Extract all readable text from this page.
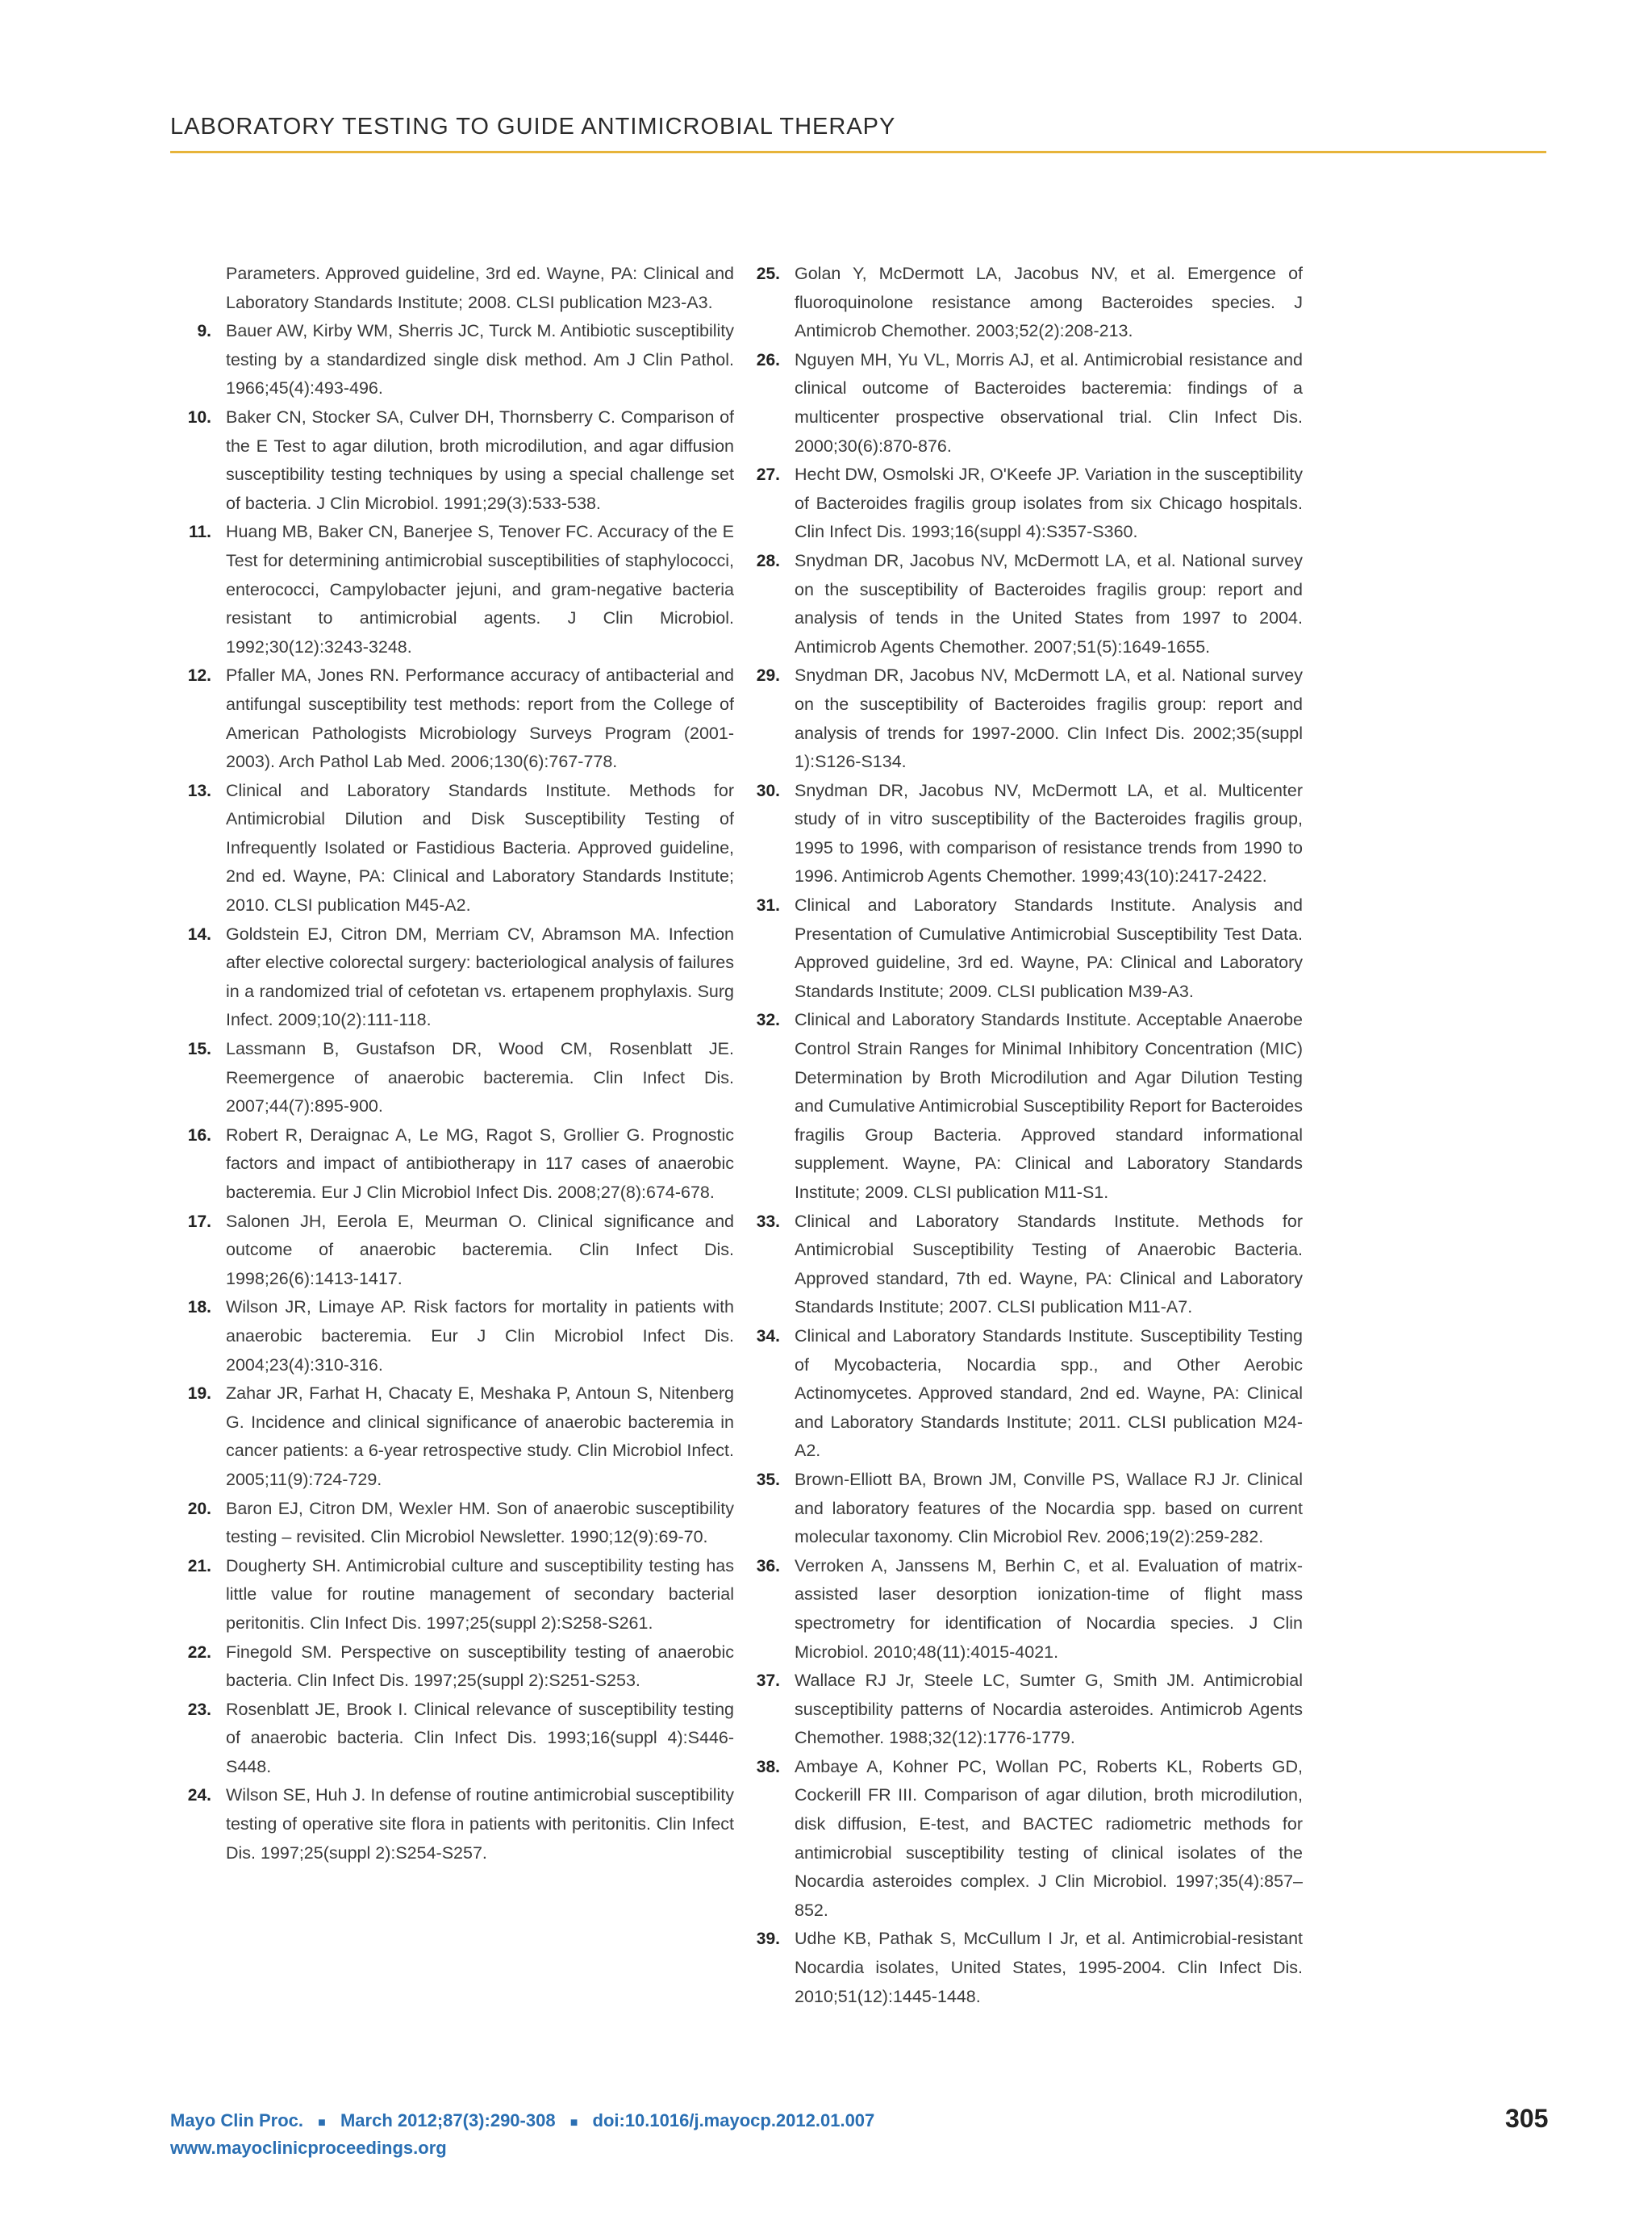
LABORATORY TESTING TO GUIDE ANTIMICROBIAL THERAPY
Parameters. Approved guideline, 3rd ed. Wayne, PA: Clinical and Laboratory Standards Institute; 2008. CLSI publication M23-A3.
9. Bauer AW, Kirby WM, Sherris JC, Turck M. Antibiotic susceptibility testing by a standardized single disk method. Am J Clin Pathol. 1966;45(4):493-496.
10. Baker CN, Stocker SA, Culver DH, Thornsberry C. Comparison of the E Test to agar dilution, broth microdilution, and agar diffusion susceptibility testing techniques by using a special challenge set of bacteria. J Clin Microbiol. 1991;29(3):533-538.
11. Huang MB, Baker CN, Banerjee S, Tenover FC. Accuracy of the E Test for determining antimicrobial susceptibilities of staphylococci, enterococci, Campylobacter jejuni, and gram-negative bacteria resistant to antimicrobial agents. J Clin Microbiol. 1992;30(12):3243-3248.
12. Pfaller MA, Jones RN. Performance accuracy of antibacterial and antifungal susceptibility test methods: report from the College of American Pathologists Microbiology Surveys Program (2001-2003). Arch Pathol Lab Med. 2006;130(6):767-778.
13. Clinical and Laboratory Standards Institute. Methods for Antimicrobial Dilution and Disk Susceptibility Testing of Infrequently Isolated or Fastidious Bacteria. Approved guideline, 2nd ed. Wayne, PA: Clinical and Laboratory Standards Institute; 2010. CLSI publication M45-A2.
14. Goldstein EJ, Citron DM, Merriam CV, Abramson MA. Infection after elective colorectal surgery: bacteriological analysis of failures in a randomized trial of cefotetan vs. ertapenem prophylaxis. Surg Infect. 2009;10(2):111-118.
15. Lassmann B, Gustafson DR, Wood CM, Rosenblatt JE. Reemergence of anaerobic bacteremia. Clin Infect Dis. 2007;44(7):895-900.
16. Robert R, Deraignac A, Le MG, Ragot S, Grollier G. Prognostic factors and impact of antibiotherapy in 117 cases of anaerobic bacteremia. Eur J Clin Microbiol Infect Dis. 2008;27(8):674-678.
17. Salonen JH, Eerola E, Meurman O. Clinical significance and outcome of anaerobic bacteremia. Clin Infect Dis. 1998;26(6):1413-1417.
18. Wilson JR, Limaye AP. Risk factors for mortality in patients with anaerobic bacteremia. Eur J Clin Microbiol Infect Dis. 2004;23(4):310-316.
19. Zahar JR, Farhat H, Chacaty E, Meshaka P, Antoun S, Nitenberg G. Incidence and clinical significance of anaerobic bacteremia in cancer patients: a 6-year retrospective study. Clin Microbiol Infect. 2005;11(9):724-729.
20. Baron EJ, Citron DM, Wexler HM. Son of anaerobic susceptibility testing – revisited. Clin Microbiol Newsletter. 1990;12(9):69-70.
21. Dougherty SH. Antimicrobial culture and susceptibility testing has little value for routine management of secondary bacterial peritonitis. Clin Infect Dis. 1997;25(suppl 2):S258-S261.
22. Finegold SM. Perspective on susceptibility testing of anaerobic bacteria. Clin Infect Dis. 1997;25(suppl 2):S251-S253.
23. Rosenblatt JE, Brook I. Clinical relevance of susceptibility testing of anaerobic bacteria. Clin Infect Dis. 1993;16(suppl 4):S446-S448.
24. Wilson SE, Huh J. In defense of routine antimicrobial susceptibility testing of operative site flora in patients with peritonitis. Clin Infect Dis. 1997;25(suppl 2):S254-S257.
25. Golan Y, McDermott LA, Jacobus NV, et al. Emergence of fluoroquinolone resistance among Bacteroides species. J Antimicrob Chemother. 2003;52(2):208-213.
26. Nguyen MH, Yu VL, Morris AJ, et al. Antimicrobial resistance and clinical outcome of Bacteroides bacteremia: findings of a multicenter prospective observational trial. Clin Infect Dis. 2000;30(6):870-876.
27. Hecht DW, Osmolski JR, O'Keefe JP. Variation in the susceptibility of Bacteroides fragilis group isolates from six Chicago hospitals. Clin Infect Dis. 1993;16(suppl 4):S357-S360.
28. Snydman DR, Jacobus NV, McDermott LA, et al. National survey on the susceptibility of Bacteroides fragilis group: report and analysis of tends in the United States from 1997 to 2004. Antimicrob Agents Chemother. 2007;51(5):1649-1655.
29. Snydman DR, Jacobus NV, McDermott LA, et al. National survey on the susceptibility of Bacteroides fragilis group: report and analysis of trends for 1997-2000. Clin Infect Dis. 2002;35(suppl 1):S126-S134.
30. Snydman DR, Jacobus NV, McDermott LA, et al. Multicenter study of in vitro susceptibility of the Bacteroides fragilis group, 1995 to 1996, with comparison of resistance trends from 1990 to 1996. Antimicrob Agents Chemother. 1999;43(10):2417-2422.
31. Clinical and Laboratory Standards Institute. Analysis and Presentation of Cumulative Antimicrobial Susceptibility Test Data. Approved guideline, 3rd ed. Wayne, PA: Clinical and Laboratory Standards Institute; 2009. CLSI publication M39-A3.
32. Clinical and Laboratory Standards Institute. Acceptable Anaerobe Control Strain Ranges for Minimal Inhibitory Concentration (MIC) Determination by Broth Microdilution and Agar Dilution Testing and Cumulative Antimicrobial Susceptibility Report for Bacteroides fragilis Group Bacteria. Approved standard informational supplement. Wayne, PA: Clinical and Laboratory Standards Institute; 2009. CLSI publication M11-S1.
33. Clinical and Laboratory Standards Institute. Methods for Antimicrobial Susceptibility Testing of Anaerobic Bacteria. Approved standard, 7th ed. Wayne, PA: Clinical and Laboratory Standards Institute; 2007. CLSI publication M11-A7.
34. Clinical and Laboratory Standards Institute. Susceptibility Testing of Mycobacteria, Nocardia spp., and Other Aerobic Actinomycetes. Approved standard, 2nd ed. Wayne, PA: Clinical and Laboratory Standards Institute; 2011. CLSI publication M24-A2.
35. Brown-Elliott BA, Brown JM, Conville PS, Wallace RJ Jr. Clinical and laboratory features of the Nocardia spp. based on current molecular taxonomy. Clin Microbiol Rev. 2006;19(2):259-282.
36. Verroken A, Janssens M, Berhin C, et al. Evaluation of matrix-assisted laser desorption ionization-time of flight mass spectrometry for identification of Nocardia species. J Clin Microbiol. 2010;48(11):4015-4021.
37. Wallace RJ Jr, Steele LC, Sumter G, Smith JM. Antimicrobial susceptibility patterns of Nocardia asteroides. Antimicrob Agents Chemother. 1988;32(12):1776-1779.
38. Ambaye A, Kohner PC, Wollan PC, Roberts KL, Roberts GD, Cockerill FR III. Comparison of agar dilution, broth microdilution, disk diffusion, E-test, and BACTEC radiometric methods for antimicrobial susceptibility testing of clinical isolates of the Nocardia asteroides complex. J Clin Microbiol. 1997;35(4):857–852.
39. Udhe KB, Pathak S, McCullum I Jr, et al. Antimicrobial-resistant Nocardia isolates, United States, 1995-2004. Clin Infect Dis. 2010;51(12):1445-1448.
Mayo Clin Proc. ■ March 2012;87(3):290-308 ■ doi:10.1016/j.mayocp.2012.01.007
www.mayoclinicproceedings.org
305
